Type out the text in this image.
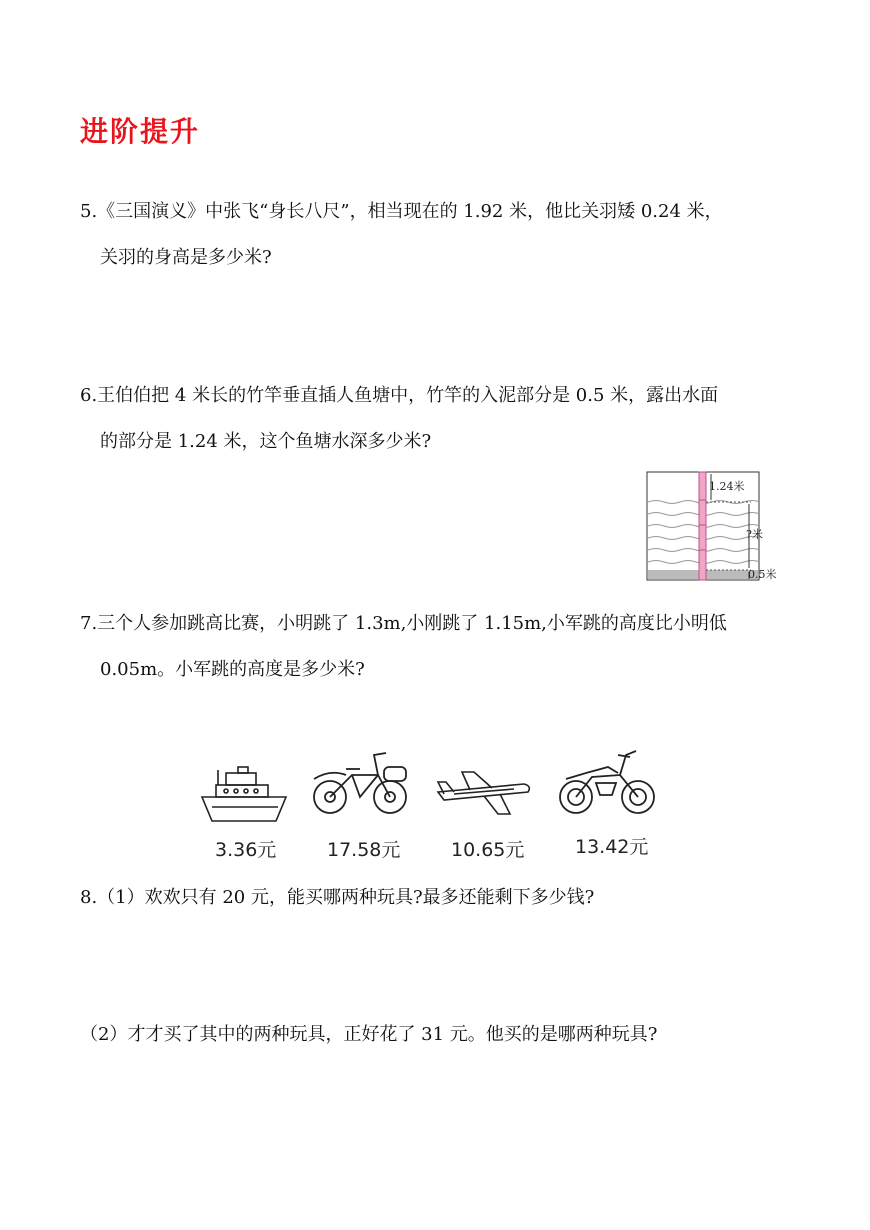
进阶提升
5.《三国演义》中张飞“身长八尺”，相当现在的 1.92 米，他比关羽矮 0.24 米，
关羽的身高是多少米?
6.王伯伯把 4 米长的竹竿垂直插人鱼塘中，竹竿的入泥部分是 0.5 米，露出水面
的部分是 1.24 米，这个鱼塘水深多少米?
1.24米
?米
0.5米
7.三个人参加跳高比赛，小明跳了 1.3m,小刚跳了 1.15m,小军跳的高度比小明低
0.05m。小军跳的高度是多少米?
3.36元	17.58元	10.65元	13.42元
8.（1）欢欢只有 20 元，能买哪两种玩具?最多还能剩下多少钱?
（2）才才买了其中的两种玩具，正好花了 31 元。他买的是哪两种玩具?
